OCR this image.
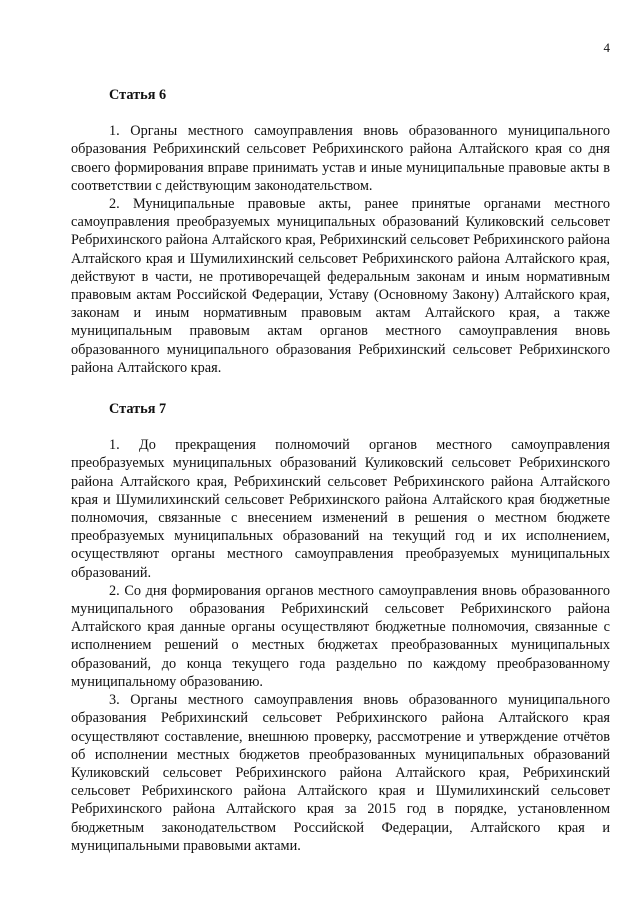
4
Статья 6

1. Органы местного самоуправления вновь образованного муниципального образования Ребрихинский сельсовет Ребрихинского района Алтайского края со дня своего формирования вправе принимать устав и иные муниципальные правовые акты в соответствии с действующим законодательством.

2. Муниципальные правовые акты, ранее принятые органами местного самоуправления преобразуемых муниципальных образований Куликовский сельсовет Ребрихинского района Алтайского края, Ребрихинский сельсовет Ребрихинского района Алтайского края и Шумилихинский сельсовет Ребрихинского района Алтайского края, действуют в части, не противоречащей федеральным законам и иным нормативным правовым актам Российской Федерации, Уставу (Основному Закону) Алтайского края, законам и иным нормативным правовым актам Алтайского края, а также муниципальным правовым актам органов местного самоуправления вновь образованного муниципального образования Ребрихинский сельсовет Ребрихинского района Алтайского края.

Статья 7

1. До прекращения полномочий органов местного самоуправления преобразуемых муниципальных образований Куликовский сельсовет Ребрихинского района Алтайского края, Ребрихинский сельсовет Ребрихинского района Алтайского края и Шумилихинский сельсовет Ребрихинского района Алтайского края бюджетные полномочия, связанные с внесением изменений в решения о местном бюджете преобразуемых муниципальных образований на текущий год и их исполнением, осуществляют органы местного самоуправления преобразуемых муниципальных образований.

2. Со дня формирования органов местного самоуправления вновь образованного муниципального образования Ребрихинский сельсовет Ребрихинского района Алтайского края данные органы осуществляют бюджетные полномочия, связанные с исполнением решений о местных бюджетах преобразованных муниципальных образований, до конца текущего года раздельно по каждому преобразованному муниципальному образованию.

3. Органы местного самоуправления вновь образованного муниципального образования Ребрихинский сельсовет Ребрихинского района Алтайского края осуществляют составление, внешнюю проверку, рассмотрение и утверждение отчётов об исполнении местных бюджетов преобразованных муниципальных образований Куликовский сельсовет Ребрихинского района Алтайского края, Ребрихинский сельсовет Ребрихинского района Алтайского края и Шумилихинский сельсовет Ребрихинского района Алтайского края за 2015 год в порядке, установленном бюджетным законодательством Российской Федерации, Алтайского края и муниципальными правовыми актами.
